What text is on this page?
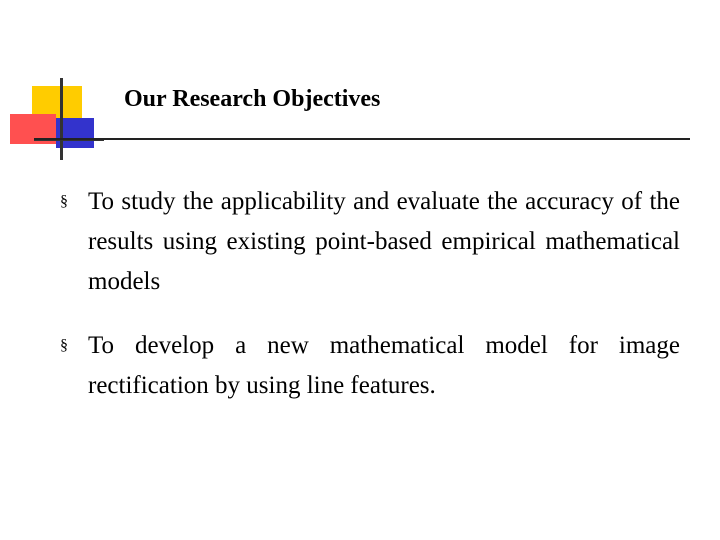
Our Research Objectives
§ To study the applicability and evaluate the accuracy of the results using existing point-based empirical mathematical models
§ To develop a new mathematical model for image rectification by using line features.
